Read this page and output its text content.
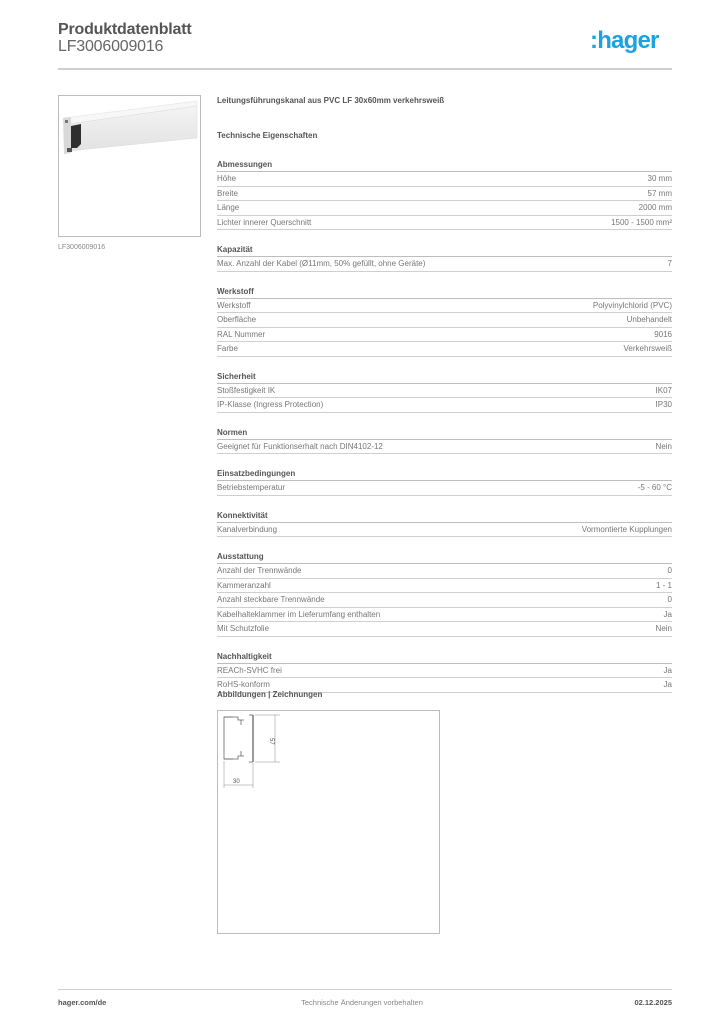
Produktdatenblatt
LF3006009016	:hager
LF3006009016
Leitungsführungskanal aus PVC LF 30x60mm verkehrsweiß
Technische Eigenschaften
Abmessungen
Höhe	30 mm
Breite	57 mm
Länge	2000 mm
Lichter innerer Querschnitt	1500 - 1500 mm²
Kapazität
Max. Anzahl der Kabel (Ø11mm, 50% gefüllt, ohne Geräte)	7
Werkstoff
Werkstoff	Polyvinylchlorid (PVC)
Oberfläche	Unbehandelt
RAL Nummer	9016
Farbe	Verkehrsweiß
Sicherheit
Stoßfestigkeit IK	IK07
IP-Klasse (Ingress Protection)	IP30
Normen
Geeignet für Funktionserhalt nach DIN4102-12	Nein
Einsatzbedingungen
Betriebstemperatur	-5 - 60 °C
Konnektivität
Kanalverbindung	Vormontierte Kupplungen
Ausstattung
Anzahl der Trennwände	0
Kammeranzahl	1 - 1
Anzahl steckbare Trennwände	0
Kabelhalteklammer im Lieferumfang enthalten	Ja
Mit Schutzfolie	Nein
Nachhaltigkeit
REACh-SVHC frei	Ja
RoHS-konform	Ja
Abbildungen | Zeichnungen
57
30
hager.com/de	Technische Änderungen vorbehalten	02.12.2025
